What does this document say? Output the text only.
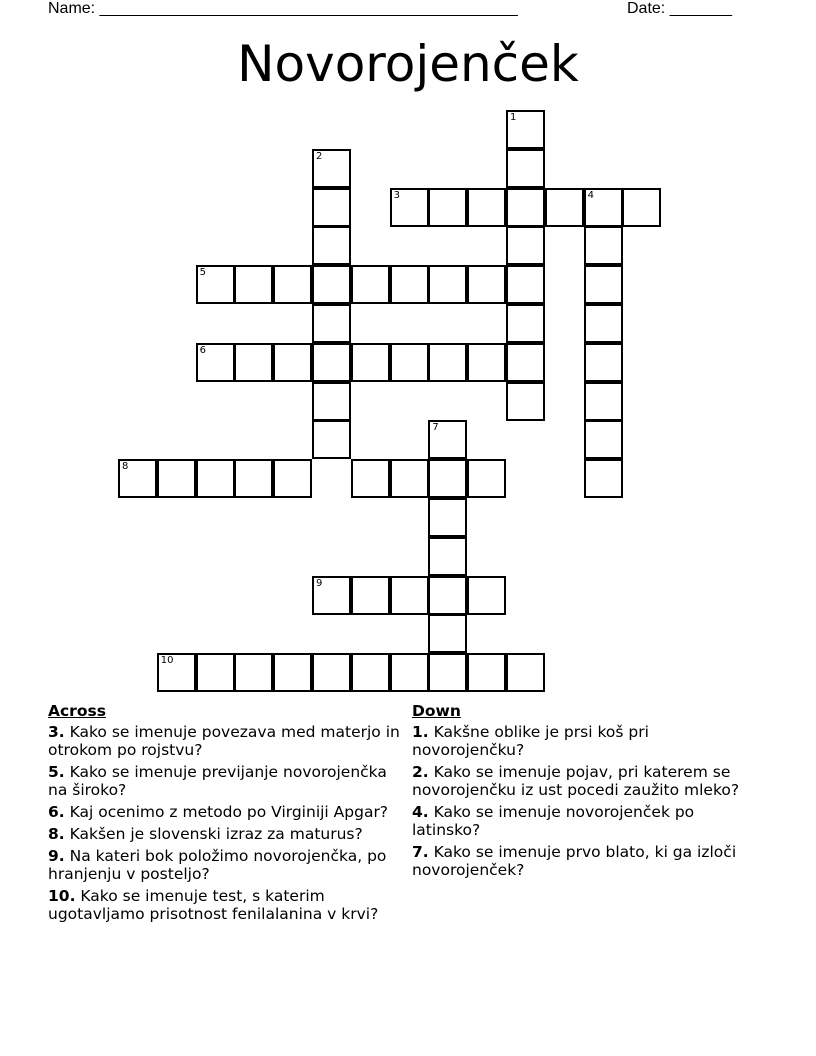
Name: _______________________________________________	Date: _______
Novorojenček
1
2
3	4
5
6
7
8
9
10
Across
3. Kako se imenuje povezava med materjo in otrokom po rojstvu?
5. Kako se imenuje previjanje novorojenčka na široko?
6. Kaj ocenimo z metodo po Virginiji Apgar?
8. Kakšen je slovenski izraz za maturus?
9. Na kateri bok položimo novorojenčka, po hranjenju v posteljo?
10. Kako se imenuje test, s katerim ugotavljamo prisotnost fenilalanina v krvi?
Down
1. Kakšne oblike je prsi koš pri novorojenčku?
2. Kako se imenuje pojav, pri katerem se novorojenčku iz ust pocedi zaužito mleko?
4. Kako se imenuje novorojenček po latinsko?
7. Kako se imenuje prvo blato, ki ga izloči novorojenček?
